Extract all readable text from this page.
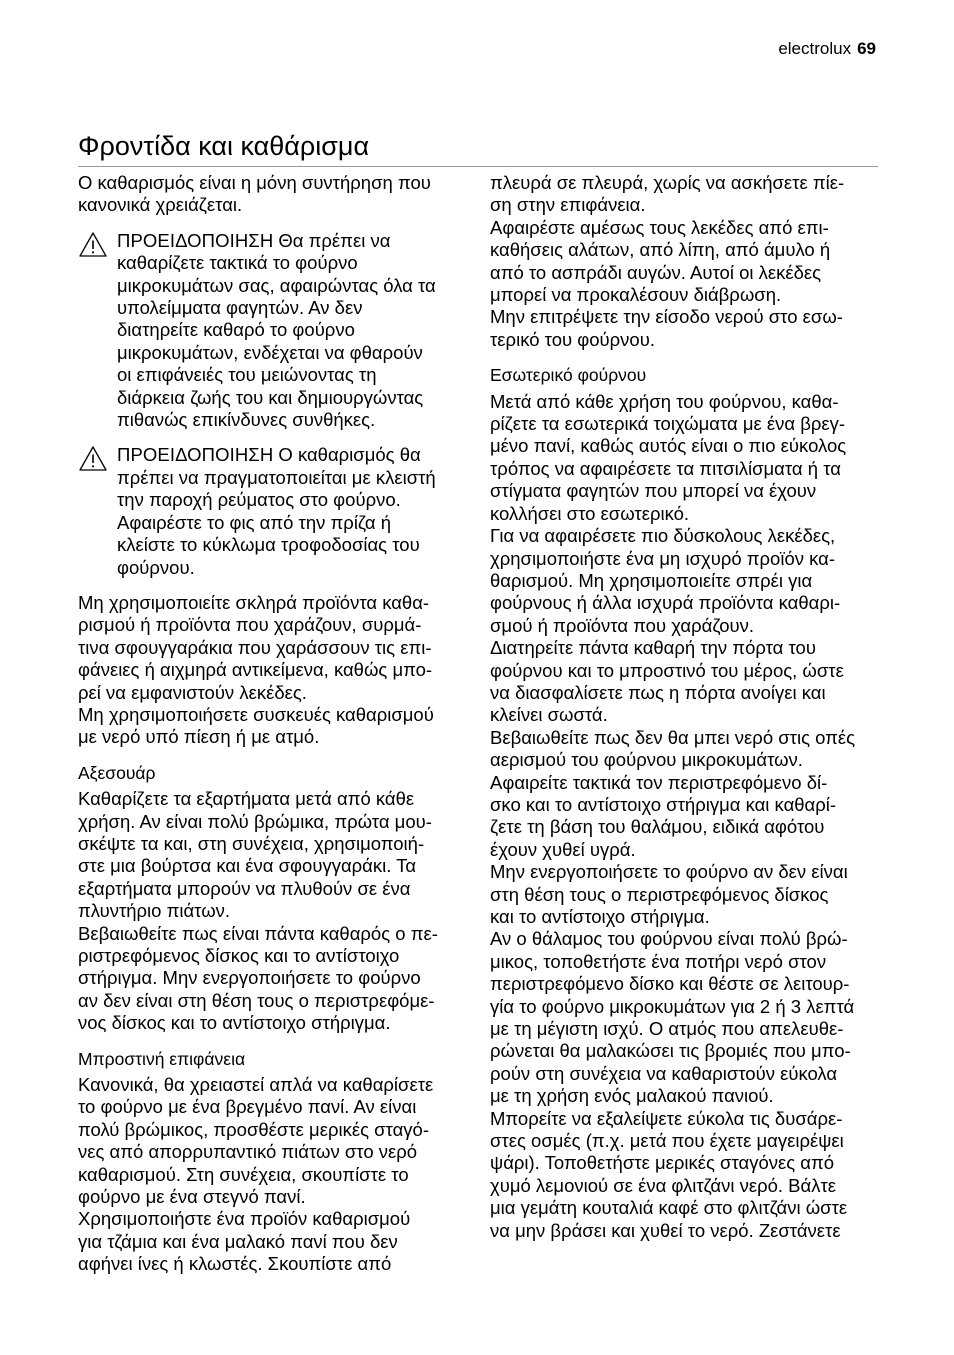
electrolux 69
Φροντίδα και καθάρισμα

Ο καθαρισμός είναι η μόνη συντήρηση που
κανονικά χρειάζεται.

ΠΡΟΕΙΔΟΠΟΙΗΣΗ Θα πρέπει να
καθαρίζετε τακτικά το φούρνο
μικροκυμάτων σας, αφαιρώντας όλα τα
υπολείμματα φαγητών. Αν δεν
διατηρείτε καθαρό το φούρνο
μικροκυμάτων, ενδέχεται να φθαρούν
οι επιφάνειές του μειώνοντας τη
διάρκεια ζωής του και δημιουργώντας
πιθανώς επικίνδυνες συνθήκες.
ΠΡΟΕΙΔΟΠΟΙΗΣΗ Ο καθαρισμός θα
πρέπει να πραγματοποιείται με κλειστή
την παροχή ρεύματος στο φούρνο.
Αφαιρέστε το φις από την πρίζα ή
κλείστε το κύκλωμα τροφοδοσίας του
φούρνου.

Μη χρησιμοποιείτε σκληρά προϊόντα καθα-
ρισμού ή προϊόντα που χαράζουν, συρμά-
τινα σφουγγαράκια που χαράσσουν τις επι-
φάνειες ή αιχμηρά αντικείμενα, καθώς μπο-
ρεί να εμφανιστούν λεκέδες.
Μη χρησιμοποιήσετε συσκευές καθαρισμού
με νερό υπό πίεση ή με ατμό.

Αξεσουάρ

Καθαρίζετε τα εξαρτήματα μετά από κάθε
χρήση. Αν είναι πολύ βρώμικα, πρώτα μου-
σκέψτε τα και, στη συνέχεια, χρησιμοποιή-
στε μια βούρτσα και ένα σφουγγαράκι. Τα
εξαρτήματα μπορούν να πλυθούν σε ένα
πλυντήριο πιάτων.
Βεβαιωθείτε πως είναι πάντα καθαρός ο πε-
ριστρεφόμενος δίσκος και το αντίστοιχο
στήριγμα. Μην ενεργοποιήσετε το φούρνο
αν δεν είναι στη θέση τους ο περιστρεφόμε-
νος δίσκος και το αντίστοιχο στήριγμα.

Μπροστινή επιφάνεια

Κανονικά, θα χρειαστεί απλά να καθαρίσετε
το φούρνο με ένα βρεγμένο πανί. Αν είναι
πολύ βρώμικος, προσθέστε μερικές σταγό-
νες από απορρυπαντικό πιάτων στο νερό
καθαρισμού. Στη συνέχεια, σκουπίστε το
φούρνο με ένα στεγνό πανί.
Χρησιμοποιήστε ένα προϊόν καθαρισμού
για τζάμια και ένα μαλακό πανί που δεν
αφήνει ίνες ή κλωστές. Σκουπίστε από

πλευρά σε πλευρά, χωρίς να ασκήσετε πίε-
ση στην επιφάνεια.
Αφαιρέστε αμέσως τους λεκέδες από επι-
καθήσεις αλάτων, από λίπη, από άμυλο ή
από το ασπράδι αυγών. Αυτοί οι λεκέδες
μπορεί να προκαλέσουν διάβρωση.
Μην επιτρέψετε την είσοδο νερού στο εσω-
τερικό του φούρνου.

Εσωτερικό φούρνου

Μετά από κάθε χρήση του φούρνου, καθα-
ρίζετε τα εσωτερικά τοιχώματα με ένα βρεγ-
μένο πανί, καθώς αυτός είναι ο πιο εύκολος
τρόπος να αφαιρέσετε τα πιτσιλίσματα ή τα
στίγματα φαγητών που μπορεί να έχουν
κολλήσει στο εσωτερικό.
Για να αφαιρέσετε πιο δύσκολους λεκέδες,
χρησιμοποιήστε ένα μη ισχυρό προϊόν κα-
θαρισμού. Μη χρησιμοποιείτε σπρέι για
φούρνους ή άλλα ισχυρά προϊόντα καθαρι-
σμού ή προϊόντα που χαράζουν.
Διατηρείτε πάντα καθαρή την πόρτα του
φούρνου και το μπροστινό του μέρος, ώστε
να διασφαλίσετε πως η πόρτα ανοίγει και
κλείνει σωστά.
Βεβαιωθείτε πως δεν θα μπει νερό στις οπές
αερισμού του φούρνου μικροκυμάτων.
Αφαιρείτε τακτικά τον περιστρεφόμενο δί-
σκο και το αντίστοιχο στήριγμα και καθαρί-
ζετε τη βάση του θαλάμου, ειδικά αφότου
έχουν χυθεί υγρά.
Μην ενεργοποιήσετε το φούρνο αν δεν είναι
στη θέση τους ο περιστρεφόμενος δίσκος
και το αντίστοιχο στήριγμα.
Αν ο θάλαμος του φούρνου είναι πολύ βρώ-
μικος, τοποθετήστε ένα ποτήρι νερό στον
περιστρεφόμενο δίσκο και θέστε σε λειτουρ-
γία το φούρνο μικροκυμάτων για 2 ή 3 λεπτά
με τη μέγιστη ισχύ. Ο ατμός που απελευθε-
ρώνεται θα μαλακώσει τις βρομιές που μπο-
ρούν στη συνέχεια να καθαριστούν εύκολα
με τη χρήση ενός μαλακού πανιού.
Μπορείτε να εξαλείψετε εύκολα τις δυσάρε-
στες οσμές (π.χ. μετά που έχετε μαγειρέψει
ψάρι). Τοποθετήστε μερικές σταγόνες από
χυμό λεμονιού σε ένα φλιτζάνι νερό. Βάλτε
μια γεμάτη κουταλιά καφέ στο φλιτζάνι ώστε
να μην βράσει και χυθεί το νερό. Ζεστάνετε
